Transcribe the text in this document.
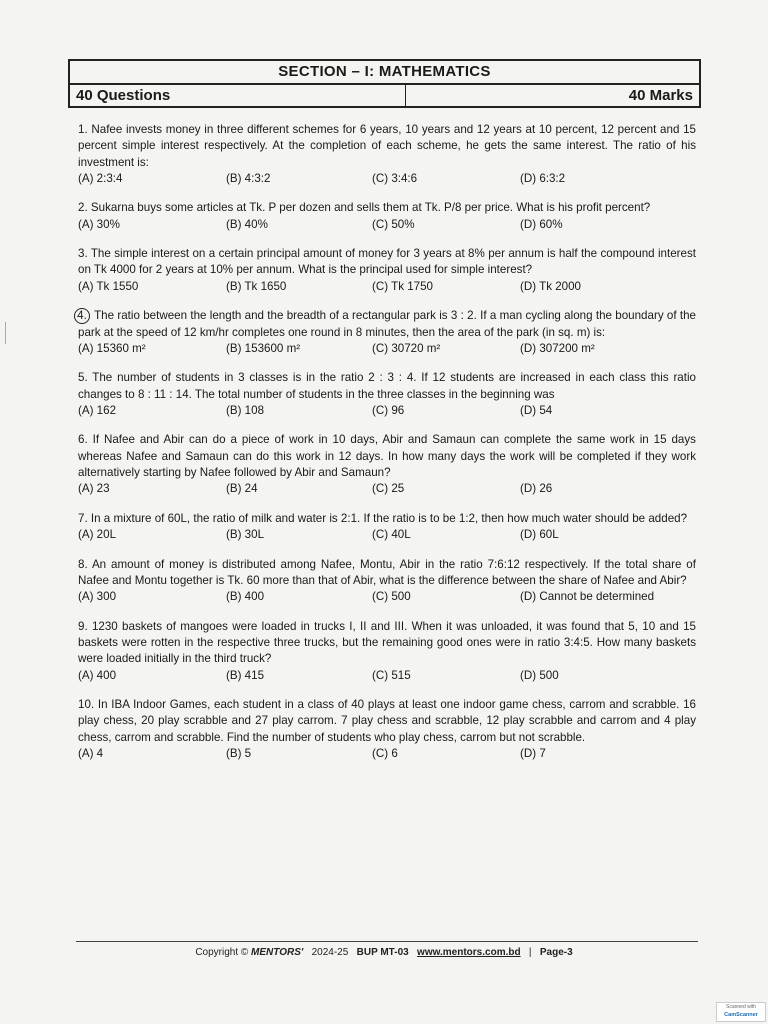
SECTION – I: MATHEMATICS
40 Questions	40 Marks
1. Nafee invests money in three different schemes for 6 years, 10 years and 12 years at 10 percent, 12 percent and 15 percent simple interest respectively. At the completion of each scheme, he gets the same interest. The ratio of his investment is:
(A) 2:3:4	(B) 4:3:2	(C) 3:4:6	(D) 6:3:2
2. Sukarna buys some articles at Tk. P per dozen and sells them at Tk. P/8 per price. What is his profit percent?
(A) 30%	(B) 40%	(C) 50%	(D) 60%
3. The simple interest on a certain principal amount of money for 3 years at 8% per annum is half the compound interest on Tk 4000 for 2 years at 10% per annum. What is the principal used for simple interest?
(A) Tk 1550	(B) Tk 1650	(C) Tk 1750	(D) Tk 2000
4. The ratio between the length and the breadth of a rectangular park is 3 : 2. If a man cycling along the boundary of the park at the speed of 12 km/hr completes one round in 8 minutes, then the area of the park (in sq. m) is:
(A) 15360 m²	(B) 153600 m²	(C) 30720 m²	(D) 307200 m²
5. The number of students in 3 classes is in the ratio 2 : 3 : 4. If 12 students are increased in each class this ratio changes to 8 : 11 : 14. The total number of students in the three classes in the beginning was
(A) 162	(B) 108	(C) 96	(D) 54
6. If Nafee and Abir can do a piece of work in 10 days, Abir and Samaun can complete the same work in 15 days whereas Nafee and Samaun can do this work in 12 days. In how many days the work will be completed if they work alternatively starting by Nafee followed by Abir and Samaun?
(A) 23	(B) 24	(C) 25	(D) 26
7. In a mixture of 60L, the ratio of milk and water is 2:1. If the ratio is to be 1:2, then how much water should be added?
(A) 20L	(B) 30L	(C) 40L	(D) 60L
8. An amount of money is distributed among Nafee, Montu, Abir in the ratio 7:6:12 respectively. If the total share of Nafee and Montu together is Tk. 60 more than that of Abir, what is the difference between the share of Nafee and Abir?
(A) 300	(B) 400	(C) 500	(D) Cannot be determined
9. 1230 baskets of mangoes were loaded in trucks I, II and III. When it was unloaded, it was found that 5, 10 and 15 baskets were rotten in the respective three trucks, but the remaining good ones were in ratio 3:4:5. How many baskets were loaded initially in the third truck?
(A) 400	(B) 415	(C) 515	(D) 500
10. In IBA Indoor Games, each student in a class of 40 plays at least one indoor game chess, carrom and scrabble. 16 play chess, 20 play scrabble and 27 play carrom. 7 play chess and scrabble, 12 play scrabble and carrom and 4 play chess, carrom and scrabble. Find the number of students who play chess, carrom but not scrabble.
(A) 4	(B) 5	(C) 6	(D) 7
Copyright © MENTORS' 2024-25 BUP MT-03 www.mentors.com.bd | Page-3
Scanned with
CamScanner
